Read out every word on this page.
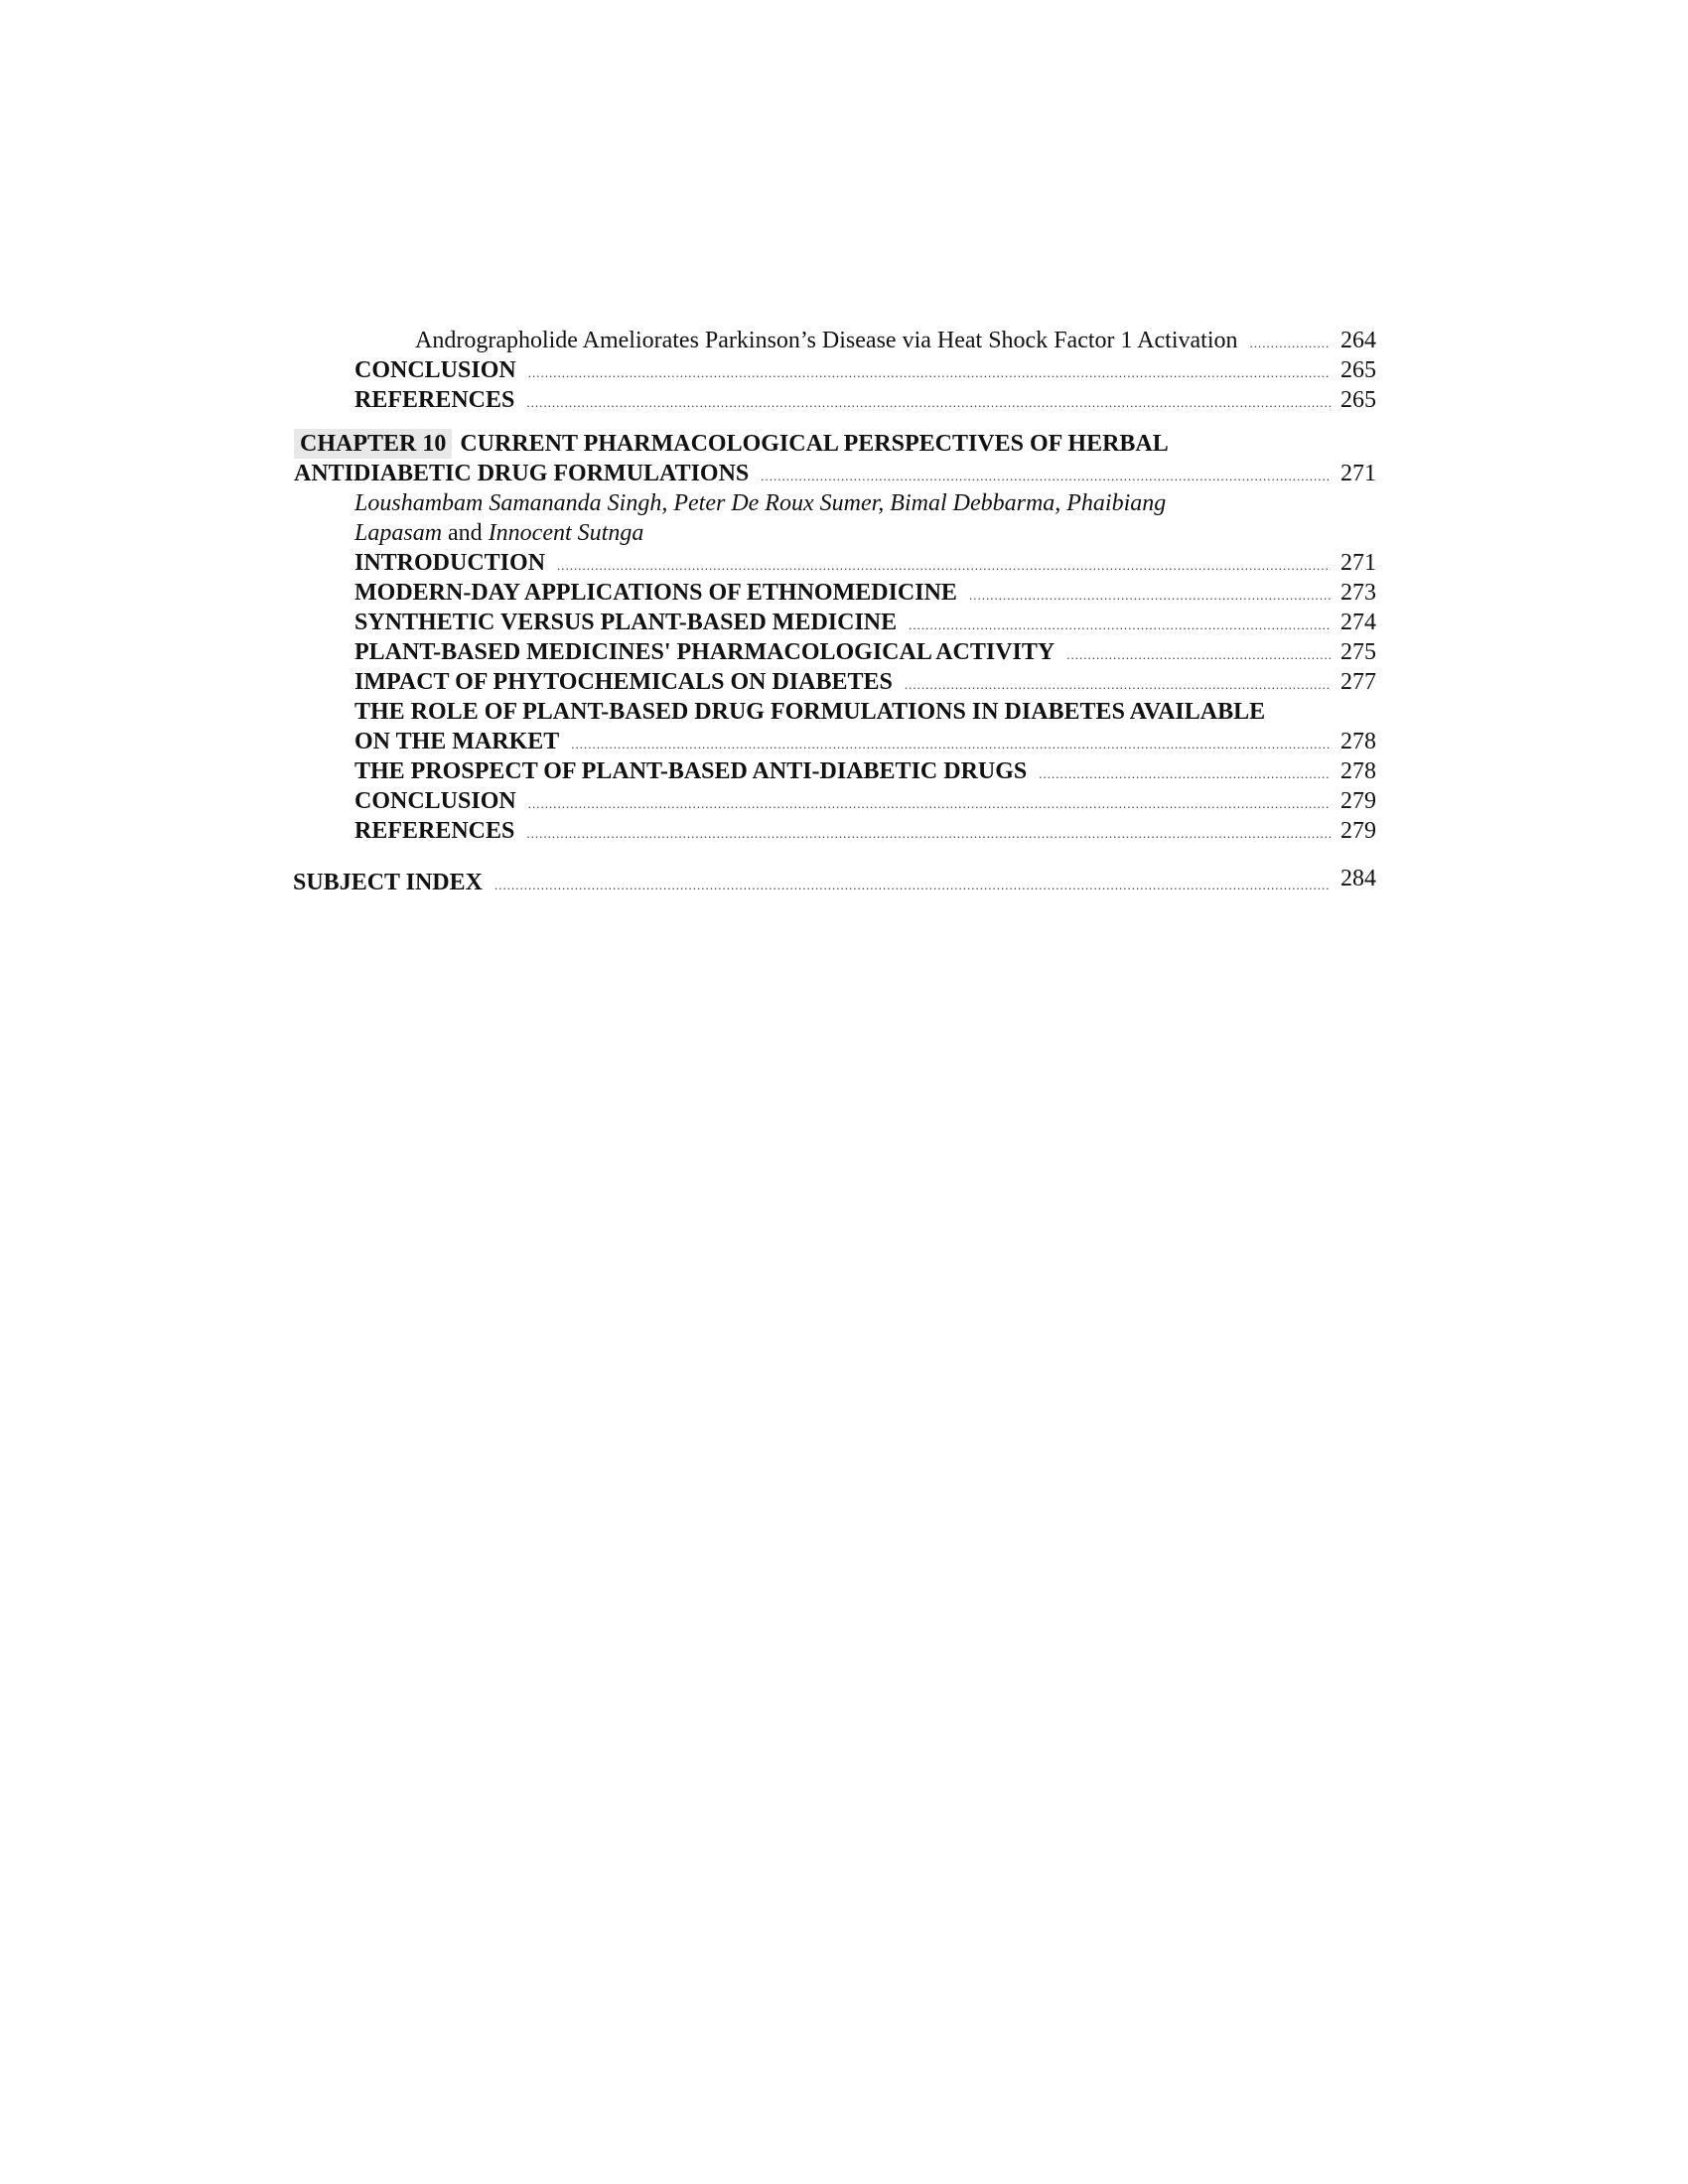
Andrographolide Ameliorates Parkinson’s Disease via Heat Shock Factor 1 Activation .....	264
CONCLUSION .....	265
REFERENCES .....	265
CHAPTER 10 CURRENT PHARMACOLOGICAL PERSPECTIVES OF HERBAL
ANTIDIABETIC DRUG FORMULATIONS .....	271
Loushambam Samananda Singh, Peter De Roux Sumer, Bimal Debbarma, Phaibiang
Lapasam
and
Innocent Sutnga
INTRODUCTION .....	271
MODERN-DAY APPLICATIONS OF ETHNOMEDICINE .....	273
SYNTHETIC VERSUS PLANT-BASED MEDICINE .....	274
PLANT-BASED MEDICINES' PHARMACOLOGICAL ACTIVITY .....	275
IMPACT OF PHYTOCHEMICALS ON DIABETES .....	277
THE ROLE OF PLANT-BASED DRUG FORMULATIONS IN DIABETES AVAILABLE
ON THE MARKET .....	278
THE PROSPECT OF PLANT-BASED ANTI-DIABETIC DRUGS .....	278
CONCLUSION .....	279
REFERENCES .....	279
SUBJECT INDEX .....	284
